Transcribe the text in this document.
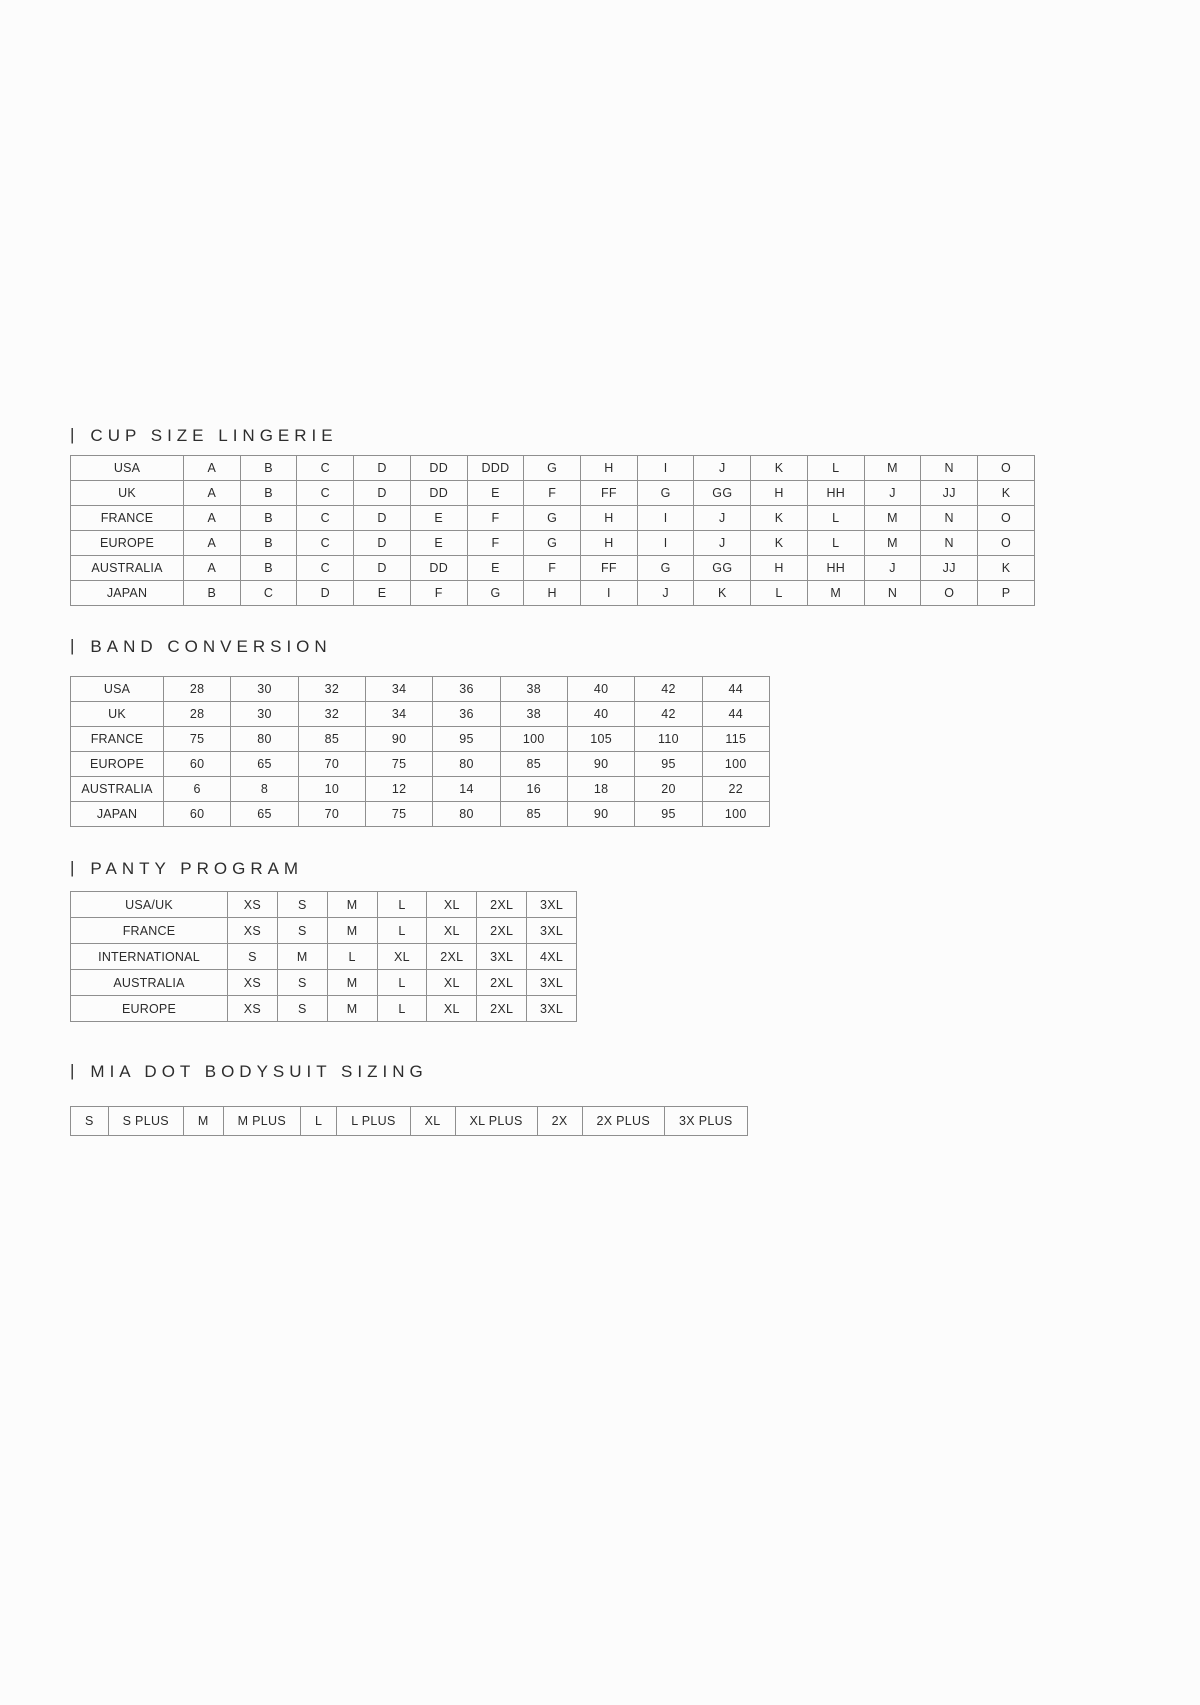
| CUP SIZE LINGERIE
USA	A	B	C	D	DD	DDD	G	H	I	J	K	L	M	N	O
UK	A	B	C	D	DD	E	F	FF	G	GG	H	HH	J	JJ	K
FRANCE	A	B	C	D	E	F	G	H	I	J	K	L	M	N	O
EUROPE	A	B	C	D	E	F	G	H	I	J	K	L	M	N	O
AUSTRALIA	A	B	C	D	DD	E	F	FF	G	GG	H	HH	J	JJ	K
JAPAN	B	C	D	E	F	G	H	I	J	K	L	M	N	O	P
| BAND CONVERSION
USA	28	30	32	34	36	38	40	42	44
UK	28	30	32	34	36	38	40	42	44
FRANCE	75	80	85	90	95	100	105	110	115
EUROPE	60	65	70	75	80	85	90	95	100
AUSTRALIA	6	8	10	12	14	16	18	20	22
JAPAN	60	65	70	75	80	85	90	95	100
| PANTY PROGRAM
USA/UK	XS	S	M	L	XL	2XL	3XL
FRANCE	XS	S	M	L	XL	2XL	3XL
INTERNATIONAL	S	M	L	XL	2XL	3XL	4XL
AUSTRALIA	XS	S	M	L	XL	2XL	3XL
EUROPE	XS	S	M	L	XL	2XL	3XL
| MIA DOT BODYSUIT SIZING
S	S PLUS	M	M PLUS	L	L PLUS	XL	XL PLUS	2X	2X PLUS	3X PLUS
